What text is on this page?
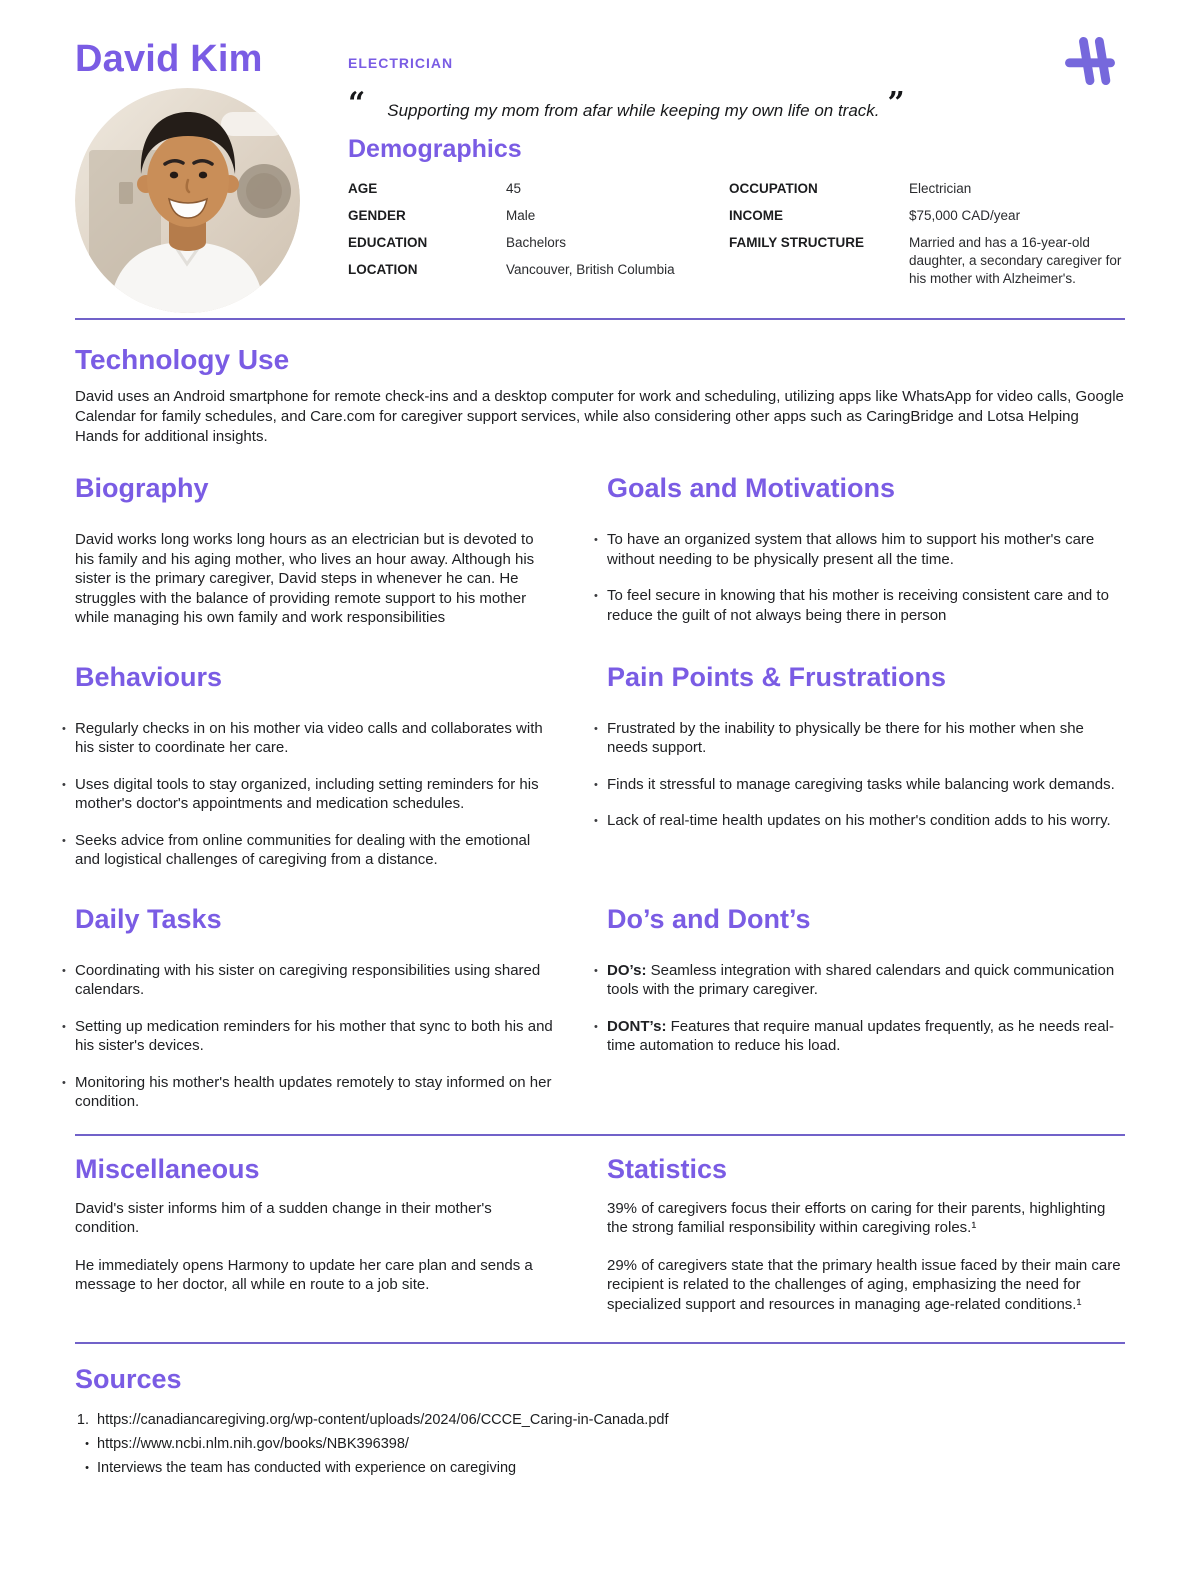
David Kim	ELECTRICIAN
“ Supporting my mom from afar while keeping my own life on track. ”
Demographics
AGE	45
GENDER	Male
EDUCATION	Bachelors
LOCATION	Vancouver, British Columbia
OCCUPATION	Electrician
INCOME	$75,000 CAD/year
FAMILY STRUCTURE	Married and has a 16-year-old daughter, a secondary caregiver for his mother with Alzheimer's.
Technology Use

David uses an Android smartphone for remote check-ins and a desktop computer for work and scheduling, utilizing apps like WhatsApp for video calls, Google Calendar for family schedules, and Care.com for caregiver support services, while also considering other apps such as CaringBridge and Lotsa Helping Hands for additional insights.

Biography

David works long works long hours as an electrician but is devoted to his family and his aging mother, who lives an hour away. Although his sister is the primary caregiver, David steps in whenever he can. He struggles with the balance of providing remote support to his mother while managing his own family and work responsibilities

Goals and Motivations
• To have an organized system that allows him to support his mother's care without needing to be physically present all the time.
• To feel secure in knowing that his mother is receiving consistent care and to reduce the guilt of not always being there in person
Behaviours
• Regularly checks in on his mother via video calls and collaborates with his sister to coordinate her care.
• Uses digital tools to stay organized, including setting reminders for his mother's doctor's appointments and medication schedules.
• Seeks advice from online communities for dealing with the emotional and logistical challenges of caregiving from a distance.
Pain Points & Frustrations
• Frustrated by the inability to physically be there for his mother when she needs support.
• Finds it stressful to manage caregiving tasks while balancing work demands.
• Lack of real-time health updates on his mother's condition adds to his worry.
Daily Tasks
• Coordinating with his sister on caregiving responsibilities using shared calendars.
• Setting up medication reminders for his mother that sync to both his and his sister's devices.
• Monitoring his mother's health updates remotely to stay informed on her condition.
Do’s and Dont’s
• DO’s: Seamless integration with shared calendars and quick communication tools with the primary caregiver.
• DONT’s: Features that require manual updates frequently, as he needs real-time automation to reduce his load.
Miscellaneous

David's sister informs him of a sudden change in their mother's condition.

He immediately opens Harmony to update her care plan and sends a message to her doctor, all while en route to a job site.

Statistics

39% of caregivers focus their efforts on caring for their parents, highlighting the strong familial responsibility within caregiving roles.¹

29% of caregivers state that the primary health issue faced by their main care recipient is related to the challenges of aging, emphasizing the need for specialized support and resources in managing age-related conditions.¹

Sources
1. https://canadiancaregiving.org/wp-content/uploads/2024/06/CCCE_Caring-in-Canada.pdf
• https://www.ncbi.nlm.nih.gov/books/NBK396398/
• Interviews the team has conducted with experience on caregiving
